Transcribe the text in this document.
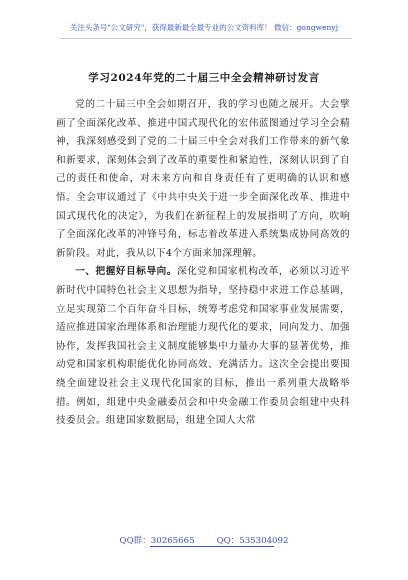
关注头条号"公文研究"，获得最新最全最专业的公文资料库！ 微信：gongwenyj
学习2024年党的二十届三中全会精神研讨发言

党的二十届三中全会如期召开，我的学习也随之展开。大会擘画了全面深化改革、推进中国式现代化的宏伟蓝图通过学习全会精神，我深刻感受到了党的二十届三中全会对我们工作带来的新气象和新要求，深刻体会到了改革的重要性和紧迫性，深刻认识到了自己的责任和使命，对未来方向和自身责任有了更明确的认识和感悟。全会审议通过了《中共中央关于进一步全面深化改革、推进中国式现代化的决定》，为我们在新征程上的发展指明了方向，吹响了全面深化改革的冲锋号角，标志着改革进入系统集成协同高效的新阶段。对此，我从以下4个方面来加深理解。

一、把握好目标导向。深化党和国家机构改革，必须以习近平新时代中国特色社会主义思想为指导，坚持稳中求进工作总基调，立足实现第二个百年奋斗目标，统筹考虑党和国家事业发展需要，适应推进国家治理体系和治理能力现代化的要求，同向发力、加强协作，发挥我国社会主义制度能够集中力量办大事的显著优势，推动党和国家机构职能优化协同高效、充满活力。这次全会提出要围绕全面建设社会主义现代化国家的目标，推出一系列重大战略举措。例如，组建中央金融委员会和中央金融工作委员会组建中央科技委员会。组建国家数据局，组建全国人大常

QQ群：30265665	QQ：535304092
